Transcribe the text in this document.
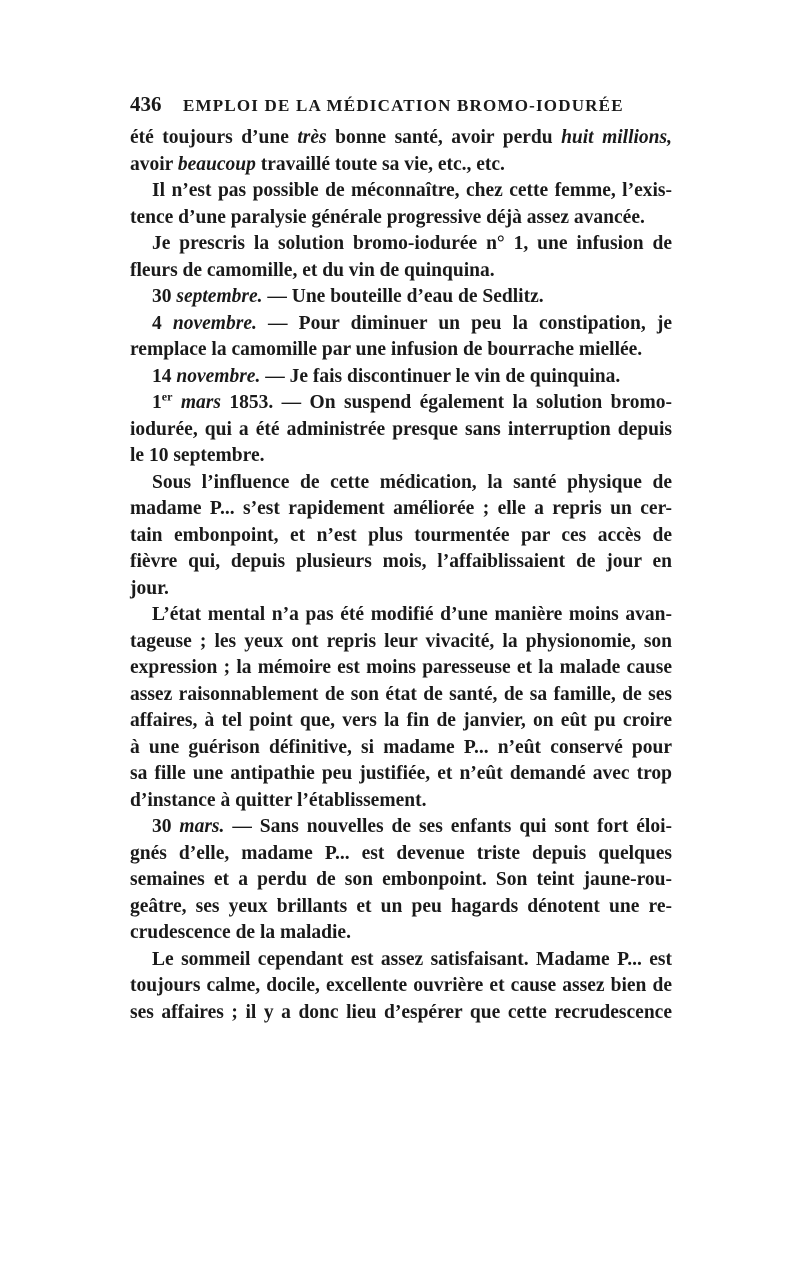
436 EMPLOI DE LA MÉDICATION BROMO-IODURÉE
été toujours d’une très bonne santé, avoir perdu huit millions,
avoir beaucoup travaillé toute sa vie, etc., etc.
Il n’est pas possible de méconnaître, chez cette femme, l’exis-
tence d’une paralysie générale progressive déjà assez avancée.
Je prescris la solution bromo-iodurée n° 1, une infusion de
fleurs de camomille, et du vin de quinquina.
30 septembre. — Une bouteille d’eau de Sedlitz.
4 novembre. — Pour diminuer un peu la constipation, je
remplace la camomille par une infusion de bourrache miellée.
14 novembre. — Je fais discontinuer le vin de quinquina.
1er mars 1853. — On suspend également la solution bromo-
iodurée, qui a été administrée presque sans interruption depuis
le 10 septembre.
Sous l’influence de cette médication, la santé physique de
madame P... s’est rapidement améliorée ; elle a repris un cer-
tain embonpoint, et n’est plus tourmentée par ces accès de
fièvre qui, depuis plusieurs mois, l’affaiblissaient de jour en
jour.
L’état mental n’a pas été modifié d’une manière moins avan-
tageuse ; les yeux ont repris leur vivacité, la physionomie, son
expression ; la mémoire est moins paresseuse et la malade cause
assez raisonnablement de son état de santé, de sa famille, de ses
affaires, à tel point que, vers la fin de janvier, on eût pu croire
à une guérison définitive, si madame P... n’eût conservé pour
sa fille une antipathie peu justifiée, et n’eût demandé avec trop
d’instance à quitter l’établissement.
30 mars. — Sans nouvelles de ses enfants qui sont fort éloi-
gnés d’elle, madame P... est devenue triste depuis quelques
semaines et a perdu de son embonpoint. Son teint jaune-rou-
geâtre, ses yeux brillants et un peu hagards dénotent une re-
crudescence de la maladie.
Le sommeil cependant est assez satisfaisant. Madame P... est
toujours calme, docile, excellente ouvrière et cause assez bien de
ses affaires ; il y a donc lieu d’espérer que cette recrudescence
